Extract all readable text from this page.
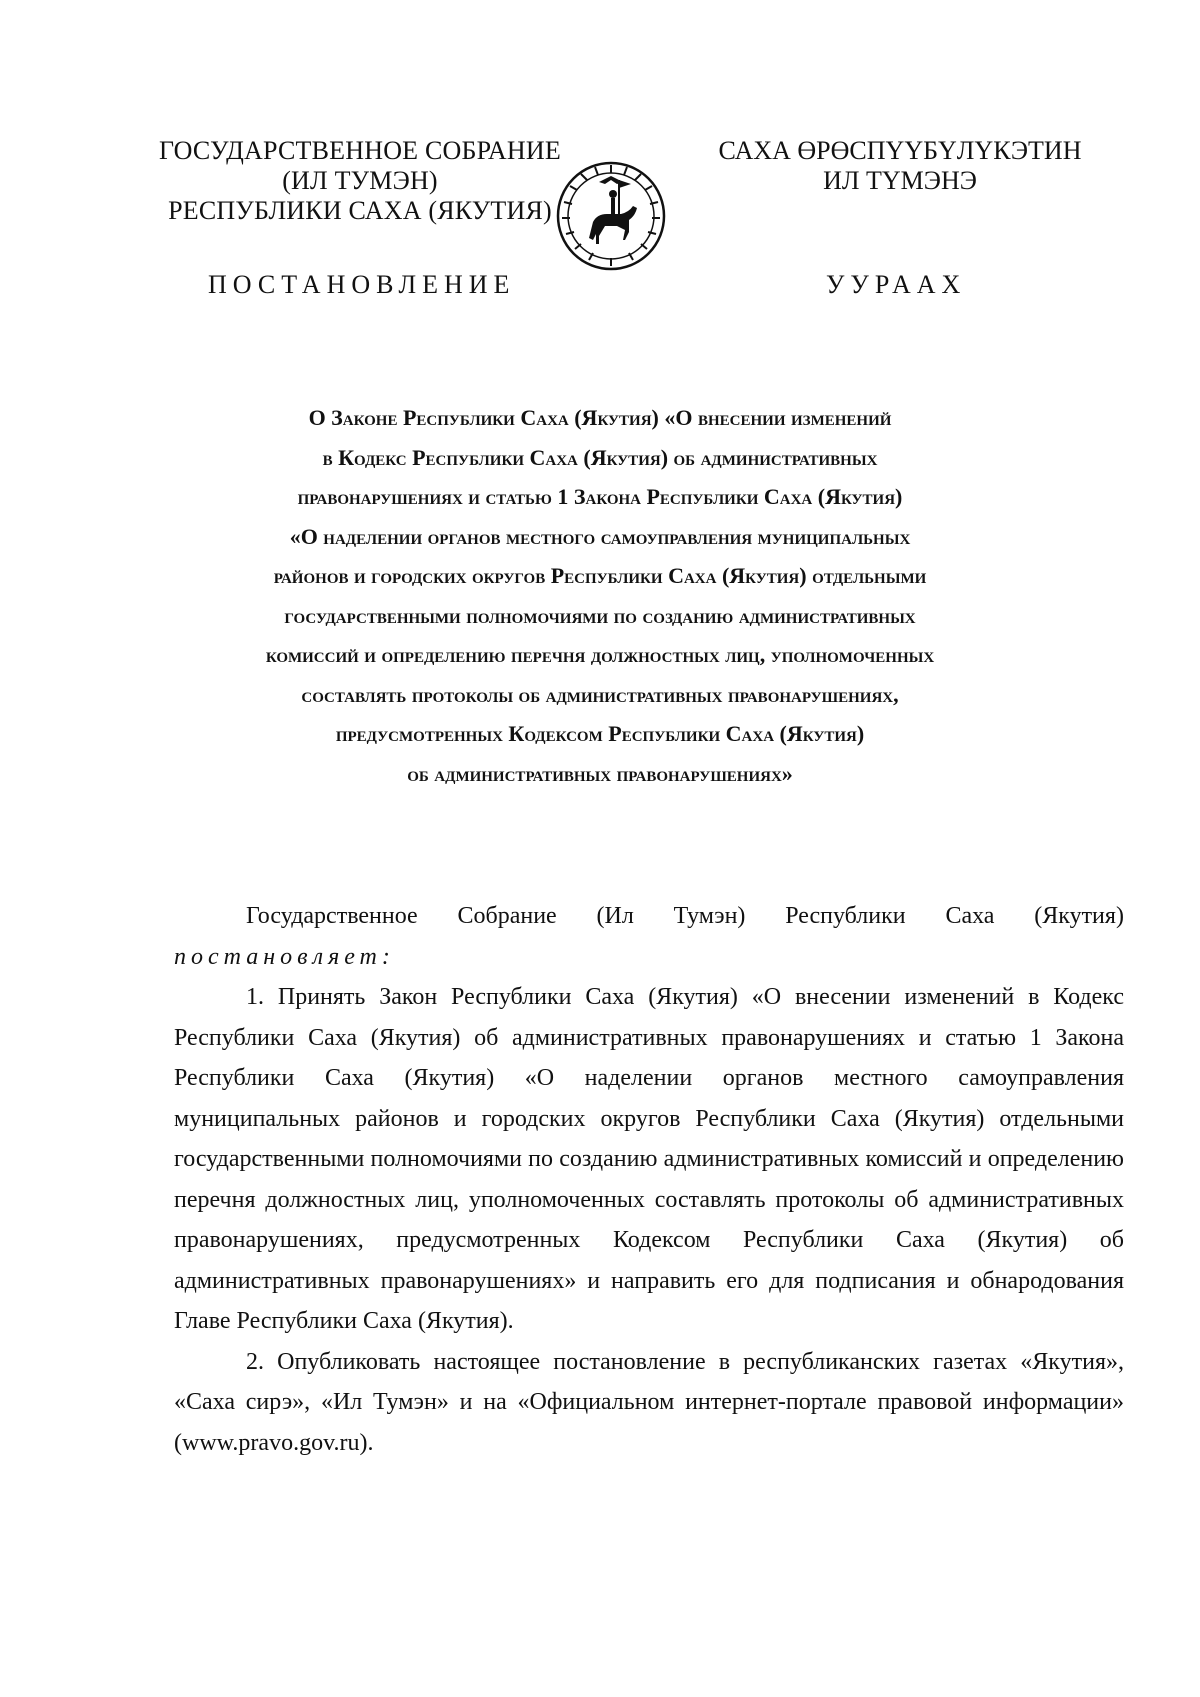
ГОСУДАРСТВЕННОЕ СОБРАНИЕ
(ИЛ ТУМЭН)
РЕСПУБЛИКИ САХА (ЯКУТИЯ)
САХА ӨРӨСПҮҮБҮЛҮКЭТИН
ИЛ ТҮМЭНЭ
ПОСТАНОВЛЕНИЕ	УУРААХ
О Законе Республики Саха (Якутия) «О внесении изменений
в Кодекс Республики Саха (Якутия) об административных
правонарушениях и статью 1 Закона Республики Саха (Якутия)
«О наделении органов местного самоуправления муниципальных
районов и городских округов Республики Саха (Якутия) отдельными
государственными полномочиями по созданию административных
комиссий и определению перечня должностных лиц, уполномоченных
составлять протоколы об административных правонарушениях,
предусмотренных Кодексом Республики Саха (Якутия)
об административных правонарушениях»
Государственное Собрание (Ил Тумэн) Республики Саха (Якутия)
постановляет:

1. Принять Закон Республики Саха (Якутия) «О внесении изменений в Кодекс Республики Саха (Якутия) об административных правонарушениях и статью 1 Закона Республики Саха (Якутия) «О наделении органов местного самоуправления муниципальных районов и городских округов Республики Саха (Якутия) отдельными государственными полномочиями по созданию административных комиссий и определению перечня должностных лиц, уполномоченных составлять протоколы об административных правонарушениях, предусмотренных Кодексом Республики Саха (Якутия) об административных правонарушениях» и направить его для подписания и обнародования Главе Республики Саха (Якутия).

2. Опубликовать настоящее постановление в республиканских газетах «Якутия», «Саха сирэ», «Ил Тумэн» и на «Официальном интернет-портале правовой информации» (www.pravo.gov.ru).
